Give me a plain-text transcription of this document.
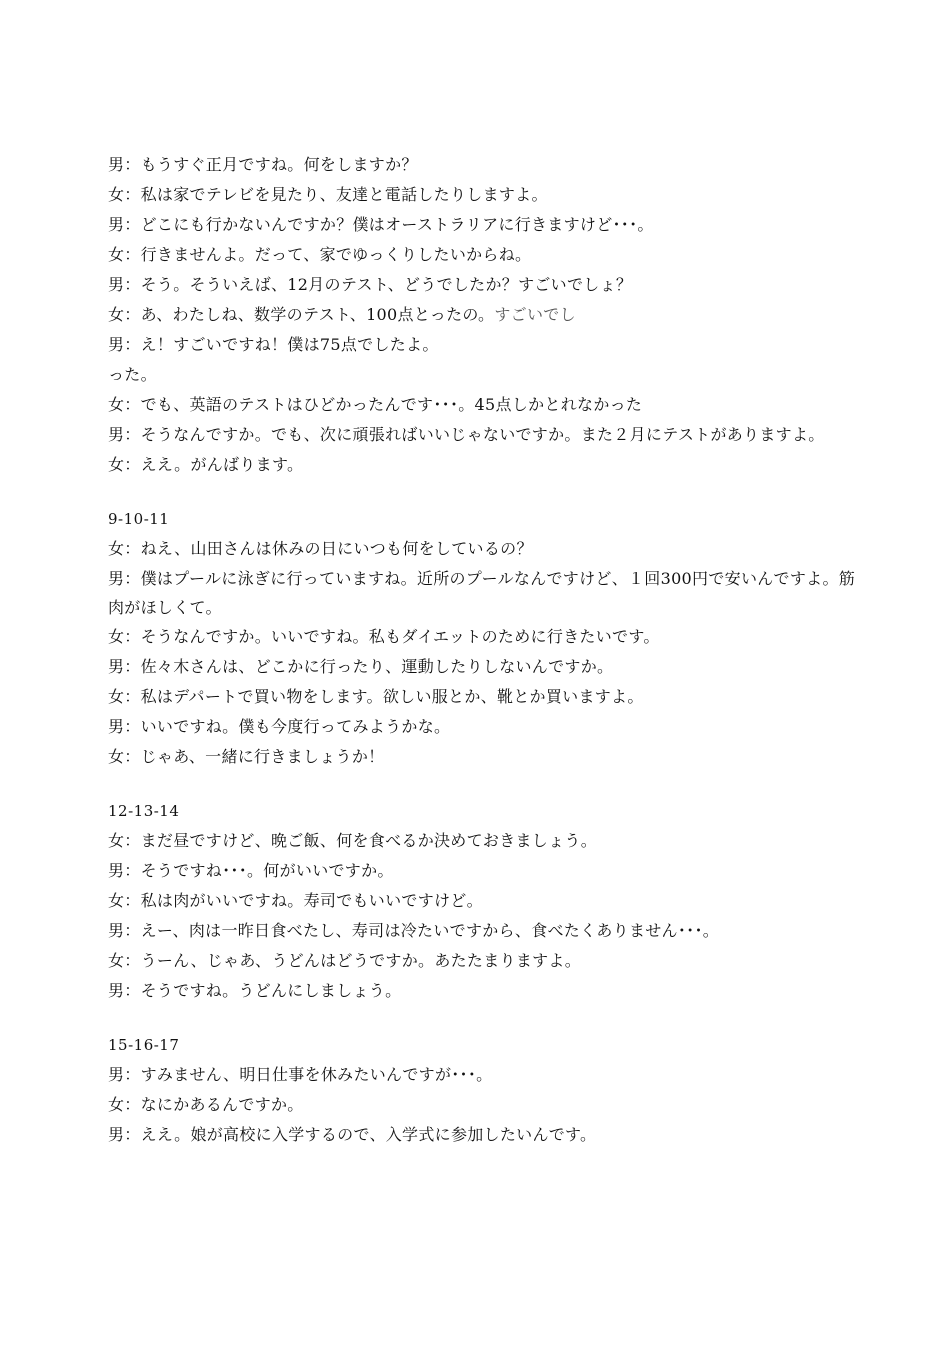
男：もうすぐ正月ですね。何をしますか？

女：私は家でテレビを見たり、友達と電話したりしますよ。

男：どこにも行かないんですか？僕はオーストラリアに行きますけど･･･。

女：行きませんよ。だって、家でゆっくりしたいからね。

男：そう。そういえば、12月のテスト、どうでしたか？すごいでしょ？

女：あ、わたしね、数学のテスト、100点とったの。すごいでし

男：え！すごいですね！僕は75点でしたよ。

った。

女：でも、英語のテストはひどかったんです･･･。45点しかとれなかった

男：そうなんですか。でも、次に頑張ればいいじゃないですか。また２月にテストがありますよ。

女：ええ。がんばります。

9-10-11

女：ねえ、山田さんは休みの日にいつも何をしているの？

男：僕はプールに泳ぎに行っていますね。近所のプールなんですけど、１回300円で安いんですよ。筋肉がほしくて。

女：そうなんですか。いいですね。私もダイエットのために行きたいです。

男：佐々木さんは、どこかに行ったり、運動したりしないんですか。

女：私はデパートで買い物をします。欲しい服とか、靴とか買いますよ。

男：いいですね。僕も今度行ってみようかな。

女：じゃあ、一緒に行きましょうか！

12-13-14

女：まだ昼ですけど、晩ご飯、何を食べるか決めておきましょう。

男：そうですね･･･。何がいいですか。

女：私は肉がいいですね。寿司でもいいですけど。

男：えー、肉は一昨日食べたし、寿司は冷たいですから、食べたくありません･･･。

女：うーん、じゃあ、うどんはどうですか。あたたまりますよ。

男：そうですね。うどんにしましょう。

15-16-17

男：すみません、明日仕事を休みたいんですが･･･。

女：なにかあるんですか。

男：ええ。娘が高校に入学するので、入学式に参加したいんです。
